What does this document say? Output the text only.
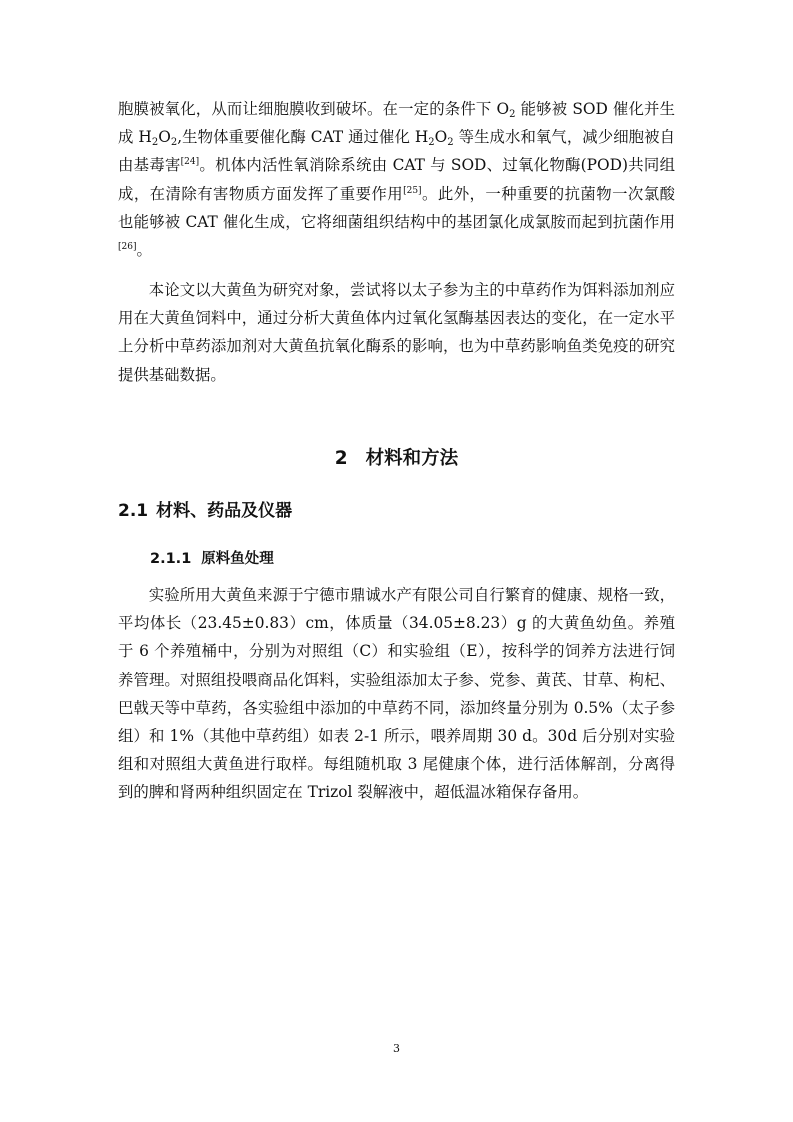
胞膜被氧化，从而让细胞膜收到破坏。在一定的条件下 $O_2$ 能够被 SOD 催化并生成 $H_2O_2$,生物体重要催化酶 CAT 通过催化 $H_2O_2$ 等生成水和氧气，减少细胞被自由基毒害[24]。机体内活性氧消除系统由 CAT 与 SOD、过氧化物酶(POD)共同组成，在清除有害物质方面发挥了重要作用[25]。此外，一种重要的抗菌物一次氯酸也能够被 CAT 催化生成，它将细菌组织结构中的基团氯化成氯胺而起到抗菌作用[26]。

本论文以大黄鱼为研究对象，尝试将以太子参为主的中草药作为饵料添加剂应用在大黄鱼饲料中，通过分析大黄鱼体内过氧化氢酶基因表达的变化，在一定水平上分析中草药添加剂对大黄鱼抗氧化酶系的影响，也为中草药影响鱼类免疫的研究提供基础数据。

2 材料和方法
2.1 材料、药品及仪器
2.1.1 原料鱼处理

实验所用大黄鱼来源于宁德市鼎诚水产有限公司自行繁育的健康、规格一致，平均体长（23.45±0.83）cm，体质量（34.05±8.23）g 的大黄鱼幼鱼。养殖于 6 个养殖桶中，分别为对照组（C）和实验组（E），按科学的饲养方法进行饲养管理。对照组投喂商品化饵料，实验组添加太子参、党参、黄芪、甘草、枸杞、巴戟天等中草药，各实验组中添加的中草药不同，添加终量分别为 0.5%（太子参组）和 1%（其他中草药组）如表 2-1 所示，喂养周期 30 d。30d 后分别对实验组和对照组大黄鱼进行取样。每组随机取 3 尾健康个体，进行活体解剖，分离得到的脾和肾两种组织固定在 Trizol 裂解液中，超低温冰箱保存备用。

3
